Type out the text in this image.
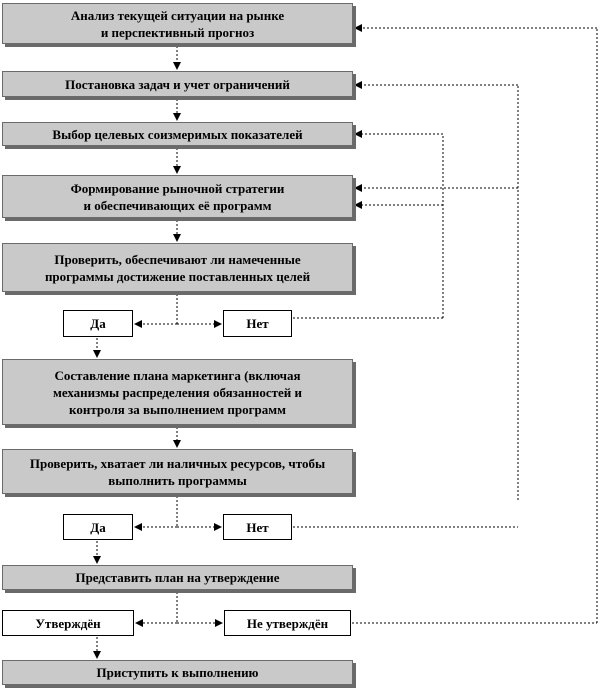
Анализ текущей ситуации на рынке
и перспективный прогноз
Постановка задач и учет ограничений
Выбор целевых соизмеримых показателей
Формирование рыночной стратегии
и обеспечивающих её программ
Проверить, обеспечивают ли намеченные
программы достижение поставленных целей
Да	Нет
Составление плана маркетинга (включая
механизмы распределения обязанностей и
контроля за выполнением программ
Проверить, хватает ли наличных ресурсов, чтобы
выполнить программы
Да	Нет
Представить план на утверждение
Утверждён	Не утверждён
Приступить к выполнению
